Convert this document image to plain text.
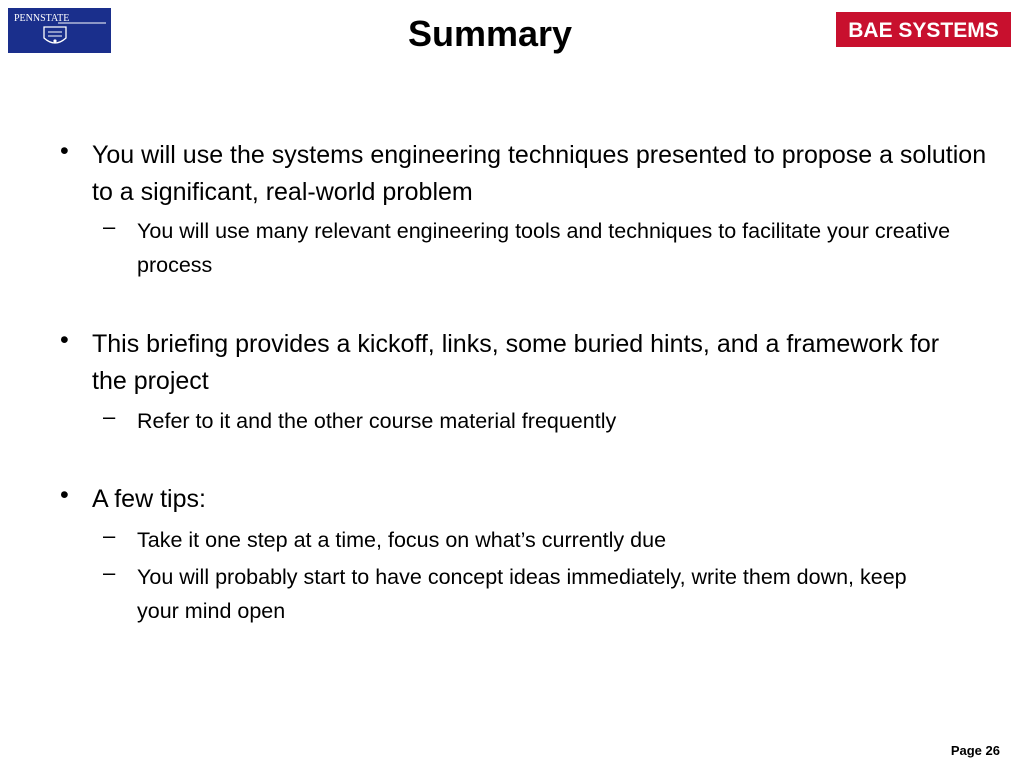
PENNSTATE	Summary	BAE SYSTEMS
• You will use the systems engineering techniques presented to propose a solution to a significant, real-world problem
– You will use many relevant engineering tools and techniques to facilitate your creative process
• This briefing provides a kickoff, links, some buried hints, and a framework for the project
– Refer to it and the other course material frequently
• A few tips:
– Take it one step at a time, focus on what’s currently due
– You will probably start to have concept ideas immediately, write them down, keep your mind open
Page 26
